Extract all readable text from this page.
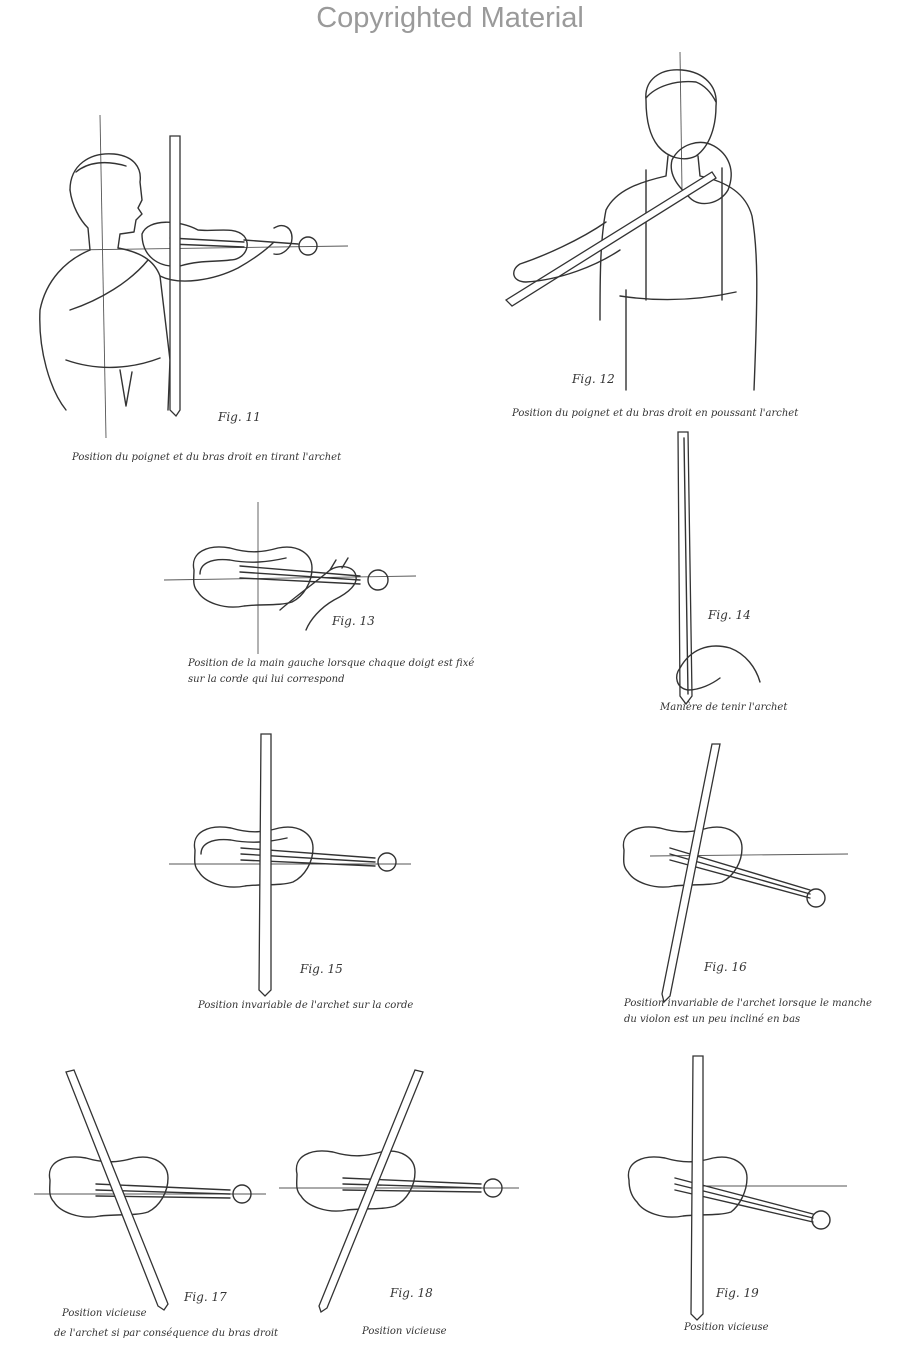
Copyrighted Material
Fig. 11
Position du poignet et du bras droit en tirant l'archet
Fig. 12
Position du poignet et du bras droit en poussant l'archet
Fig. 13
Position de la main gauche lorsque chaque doigt est fixé
sur la corde qui lui correspond
Fig. 14
Manière de tenir l'archet
Fig. 15
Position invariable de l'archet sur la corde
Fig. 16
Position invariable de l'archet lorsque le manche
du violon est un peu incliné en bas
Fig. 17
Position vicieuse
de l'archet si par conséquence du bras droit
Fig. 18
Position vicieuse
Fig. 19
Position vicieuse
